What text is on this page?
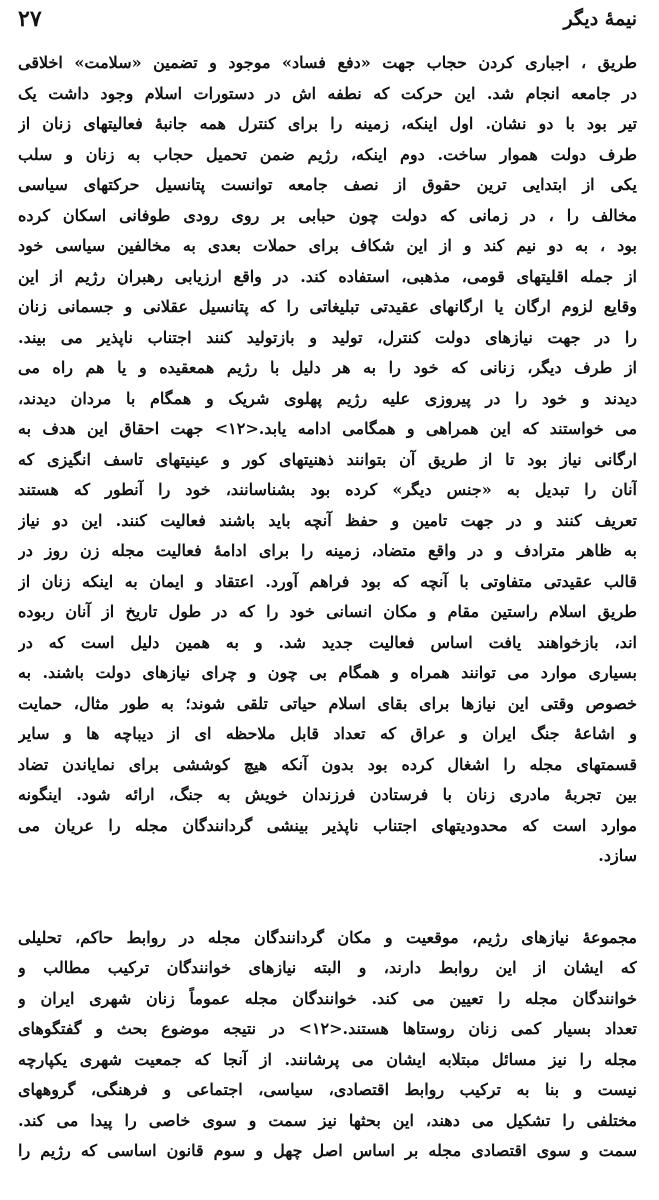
نیمهٔ دیگر
۲۷
طریق ، اجباری کردن حجاب جهت «دفع فساد» موجود و تضمین «سلامت» اخلاقی
در جامعه انجام شد. این حرکت که نطفه اش در دستورات اسلام وجود داشت یک
تیر بود با دو نشان. اول اینکه، زمینه را برای کنترل همه جانبهٔ فعالیتهای زنان از
طرف دولت هموار ساخت. دوم اینکه، رژیم ضمن تحمیل حجاب به زنان و سلب
یکی از ابتدایی ترین حقوق از نصف جامعه توانست پتانسیل حرکتهای سیاسی
مخالف را ، در زمانی که دولت چون حبابی بر روی رودی طوفانی اسکان کرده
بود ، به دو نیم کند و از این شکاف برای حملات بعدی به مخالفین سیاسی خود
از جمله اقلیتهای قومی، مذهبی، استفاده کند. در واقع ارزیابی رهبران رژیم از این
وقایع لزوم ارگان یا ارگانهای عقیدتی تبلیغاتی را که پتانسیل عقلانی و جسمانی زنان
را در جهت نیازهای دولت کنترل، تولید و بازتولید کنند اجتناب ناپذیر می بیند.
از طرف دیگر، زنانی که خود را به هر دلیل با رژیم همعقیده و یا هم راه می
دیدند و خود را در پیروزی علیه رژیم پهلوی شریک و همگام با مردان دیدند،
می خواستند که این همراهی و همگامی ادامه یابد.<۱۲> جهت احقاق این هدف به
ارگانی نیاز بود تا از طریق آن بتوانند ذهنیتهای کور و عینیتهای تاسف انگیزی که
آنان را تبدیل به «جنس دیگر» کرده بود بشناسانند، خود را آنطور که هستند
تعریف کنند و در جهت تامین و حفظ آنچه باید باشند فعالیت کنند. این دو نیاز
به ظاهر مترادف و در واقع متضاد، زمینه را برای ادامهٔ فعالیت مجله زن روز در
قالب عقیدتی متفاوتی با آنچه که بود فراهم آورد. اعتقاد و ایمان به اینکه زنان از
طریق اسلام راستین مقام و مکان انسانی خود را که در طول تاریخ از آنان ربوده
اند، بازخواهند یافت اساس فعالیت جدید شد. و به همین دلیل است که در
بسیاری موارد می توانند همراه و همگام بی چون و چرای نیازهای دولت باشند. به
خصوص وقتی این نیازها برای بقای اسلام حیاتی تلقی شوند؛ به طور مثال، حمایت
و اشاعهٔ جنگ ایران و عراق که تعداد قابل ملاحظه ای از دیباچه ها و سایر
قسمتهای مجله را اشغال کرده بود بدون آنکه هیچ کوششی برای نمایاندن تضاد
بین تجربهٔ مادری زنان با فرستادن فرزندان خویش به جنگ، ارائه شود. اینگونه
موارد است که محدودیتهای اجتناب ناپذیر بینشی گردانندگان مجله را عریان می
سازد.
مجموعهٔ نیازهای رژیم، موقعیت و مکان گردانندگان مجله در روابط حاکم، تحلیلی
که ایشان از این روابط دارند، و البته نیازهای خوانندگان ترکیب مطالب و
خوانندگان مجله را تعیین می کند. خوانندگان مجله عموماً زنان شهری ایران و
تعداد بسیار کمی زنان روستاها هستند.<۱۲> در نتیجه موضوع بحث و گفتگوهای
مجله را نیز مسائل مبتلابه ایشان می پرشانند. از آنجا که جمعیت شهری یکپارچه
نیست و بنا به ترکیب روابط اقتصادی، سیاسی، اجتماعی و فرهنگی، گروههای
مختلفی را تشکیل می دهند، این بحثها نیز سمت و سوی خاصی را پیدا می کند.
سمت و سوی اقتصادی مجله بر اساس اصل چهل و سوم قانون اساسی که رژیم را
